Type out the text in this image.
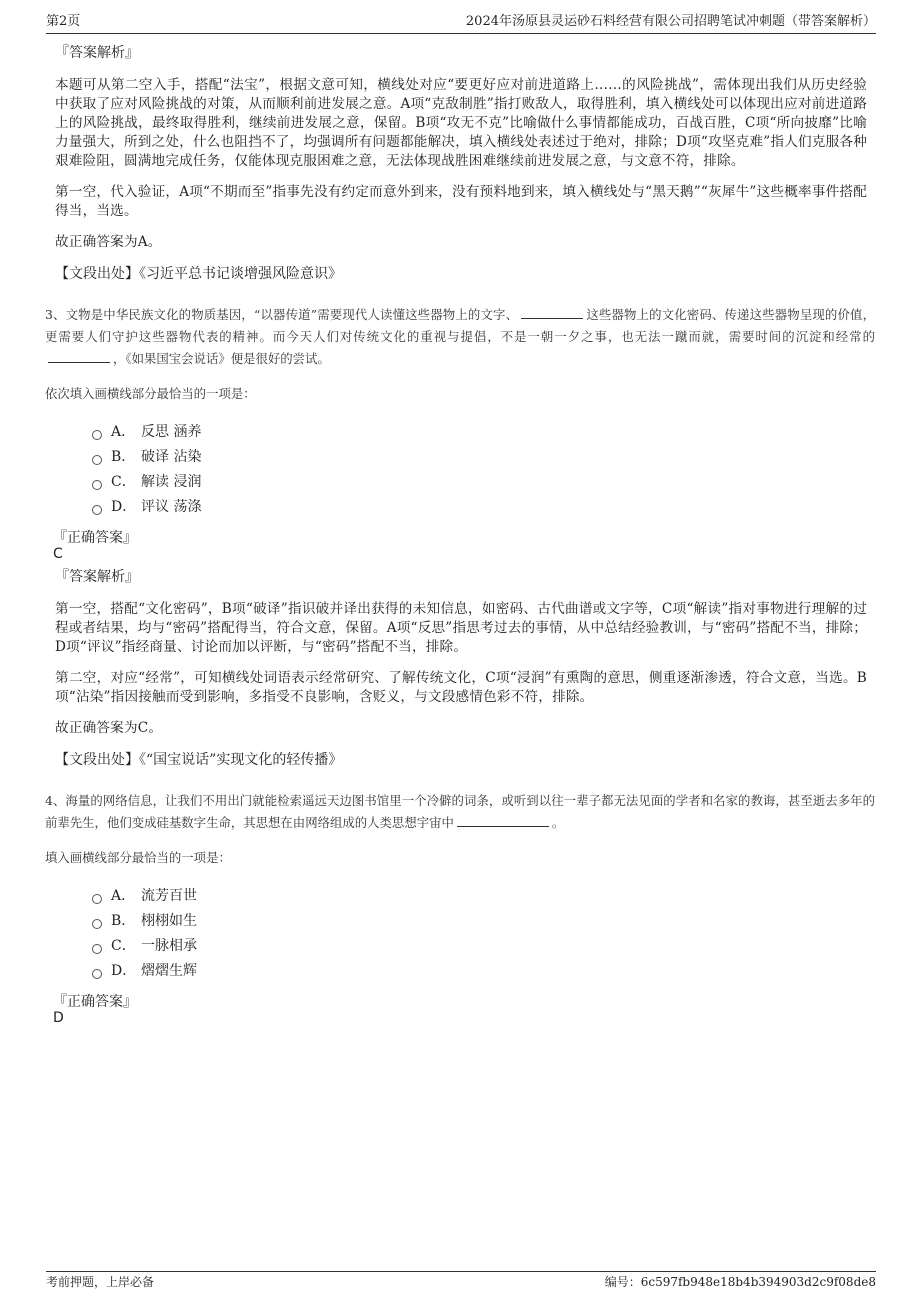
第2页	2024年汤原县灵运砂石料经营有限公司招聘笔试冲刺题（带答案解析）

『答案解析』

本题可从第二空入手，搭配“法宝”，根据文意可知，横线处对应“要更好应对前进道路上……的风险挑战”，需体现出我们从历史经验中获取了应对风险挑战的对策，从而顺利前进发展之意。A项“克敌制胜”指打败敌人，取得胜利，填入横线处可以体现出应对前进道路上的风险挑战，最终取得胜利，继续前进发展之意，保留。B项“攻无不克”比喻做什么事情都能成功，百战百胜，C项“所向披靡”比喻力量强大，所到之处，什么也阻挡不了，均强调所有问题都能解决，填入横线处表述过于绝对，排除；D项“攻坚克难”指人们克服各种艰难险阻，圆满地完成任务，仅能体现克服困难之意，无法体现战胜困难继续前进发展之意，与文意不符，排除。

第一空，代入验证，A项“不期而至”指事先没有约定而意外到来，没有预料地到来，填入横线处与“黑天鹅”“灰犀牛”这些概率事件搭配得当，当选。

故正确答案为A。

【文段出处】《习近平总书记谈增强风险意识》

3、文物是中华民族文化的物质基因，“以器传道”需要现代人读懂这些器物上的文字、	这些器物上的文化密码、传递这些器物呈现的价值，更需要人们守护这些器物代表的精神。而今天人们对传统文化的重视与提倡，不是一朝一夕之事，也无法一蹴而就，需要时间的沉淀和经常的，《如果国宝会说话》便是很好的尝试。

依次填入画横线部分最恰当的一项是：

A． 反思 涵养
B． 破译 沾染
C． 解读 浸润
D． 评议 荡涤

『正确答案』

C

『答案解析』

第一空，搭配“文化密码”，B项“破译”指识破并译出获得的未知信息，如密码、古代曲谱或文字等，C项“解读”指对事物进行理解的过程或者结果，均与“密码”搭配得当，符合文意，保留。A项“反思”指思考过去的事情，从中总结经验教训，与“密码”搭配不当，排除；D项“评议”指经商量、讨论而加以评断，与“密码”搭配不当，排除。

第二空，对应“经常”，可知横线处词语表示经常研究、了解传统文化，C项“浸润”有熏陶的意思，侧重逐渐渗透，符合文意，当选。B项“沾染”指因接触而受到影响，多指受不良影响，含贬义，与文段感情色彩不符，排除。

故正确答案为C。

【文段出处】《“国宝说话”实现文化的轻传播》

4、海量的网络信息，让我们不用出门就能检索遥远天边图书馆里一个冷僻的词条，或听到以往一辈子都无法见面的学者和名家的教诲，甚至逝去多年的前辈先生，他们变成硅基数字生命，其思想在由网络组成的人类思想宇宙中	。

填入画横线部分最恰当的一项是：

A． 流芳百世
B． 栩栩如生
C． 一脉相承
D． 熠熠生辉

『正确答案』

D

考前押题，上岸必备	编号：6c597fb948e18b4b394903d2c9f08de8
